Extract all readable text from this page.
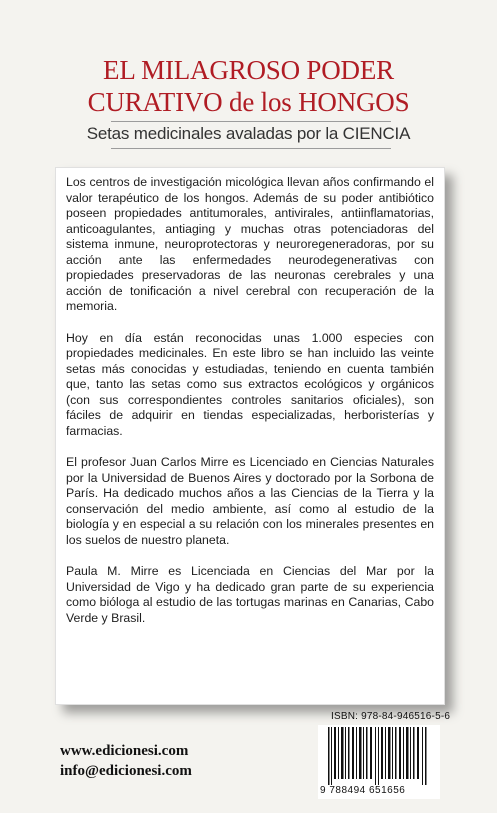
EL MILAGROSO PODER
CURATIVO de los HONGOS
Setas medicinales avaladas por la CIENCIA

Los centros de investigación micológica llevan años confirmando el valor terapéutico de los hongos. Además de su poder antibiótico poseen propiedades antitumorales, antivirales, antiinflamatorias, anticoagulantes, antiaging y muchas otras potenciadoras del sistema inmune, neuroprotectoras y neuroregeneradoras, por su acción ante las enfermedades neurodegenerativas con propiedades preservadoras de las neuronas cerebrales y una acción de tonificación a nivel cerebral con recuperación de la memoria.

Hoy en día están reconocidas unas 1.000 especies con propiedades medicinales. En este libro se han incluido las veinte setas más conocidas y estudiadas, teniendo en cuenta también que, tanto las setas como sus extractos ecológicos y orgánicos (con sus correspondientes controles sanitarios oficiales), son fáciles de adquirir en tiendas especializadas, herboristerías y farmacias.

El profesor Juan Carlos Mirre es Licenciado en Ciencias Naturales por la Universidad de Buenos Aires y doctorado por la Sorbona de París. Ha dedicado muchos años a las Ciencias de la Tierra y la conservación del medio ambiente, así como al estudio de la biología y en especial a su relación con los minerales presentes en los suelos de nuestro planeta.

Paula M. Mirre es Licenciada en Ciencias del Mar por la Universidad de Vigo y ha dedicado gran parte de su experiencia como bióloga al estudio de las tortugas marinas en Canarias, Cabo Verde y Brasil.

www.edicionesi.com
info@edicionesi.com
ISBN: 978-84-946516-5-6
9 788494 651656
